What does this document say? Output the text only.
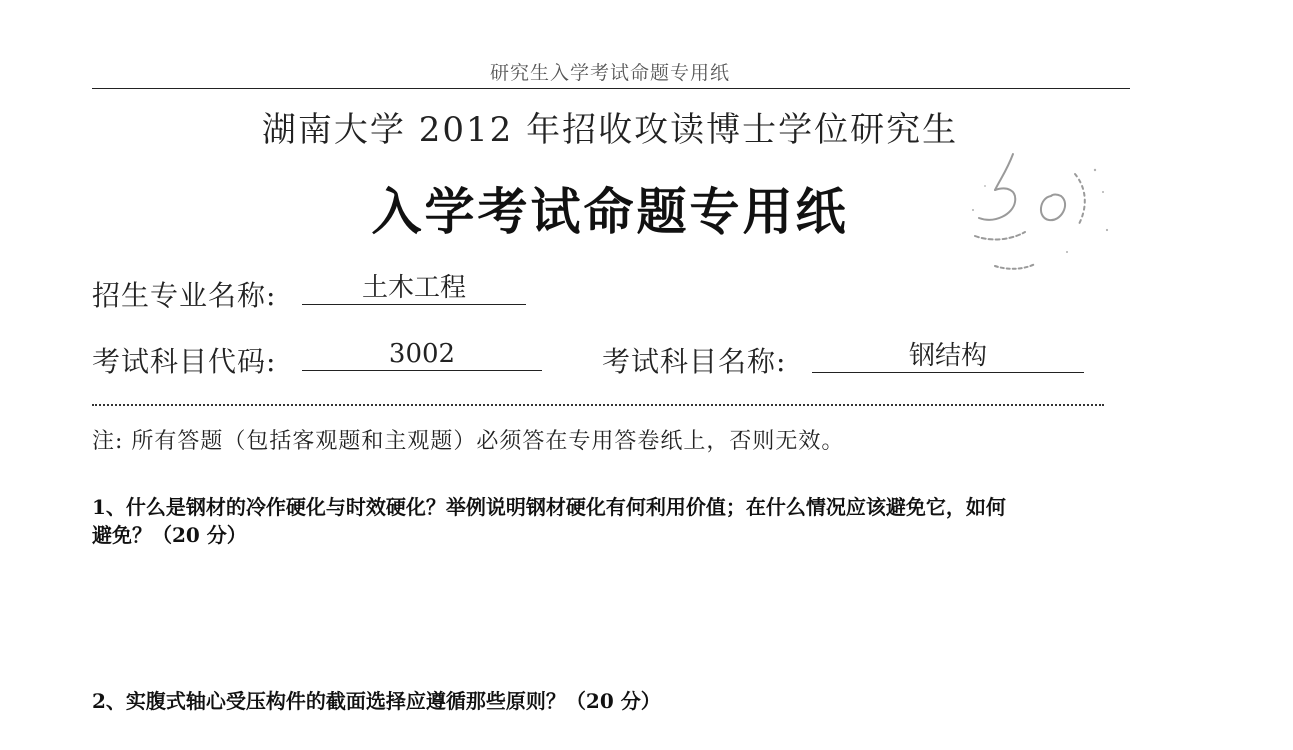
研究生入学考试命题专用纸
湖南大学 2012 年招收攻读博士学位研究生
入学考试命题专用纸
招生专业名称:	土木工程
考试科目代码:	3002	考试科目名称:	钢结构
注: 所有答题（包括客观题和主观题）必须答在专用答卷纸上，否则无效。
1、什么是钢材的冷作硬化与时效硬化？举例说明钢材硬化有何利用价值；在什么情况应该避免它，如何
避免？（20 分）
2、实腹式轴心受压构件的截面选择应遵循那些原则？（20 分）
